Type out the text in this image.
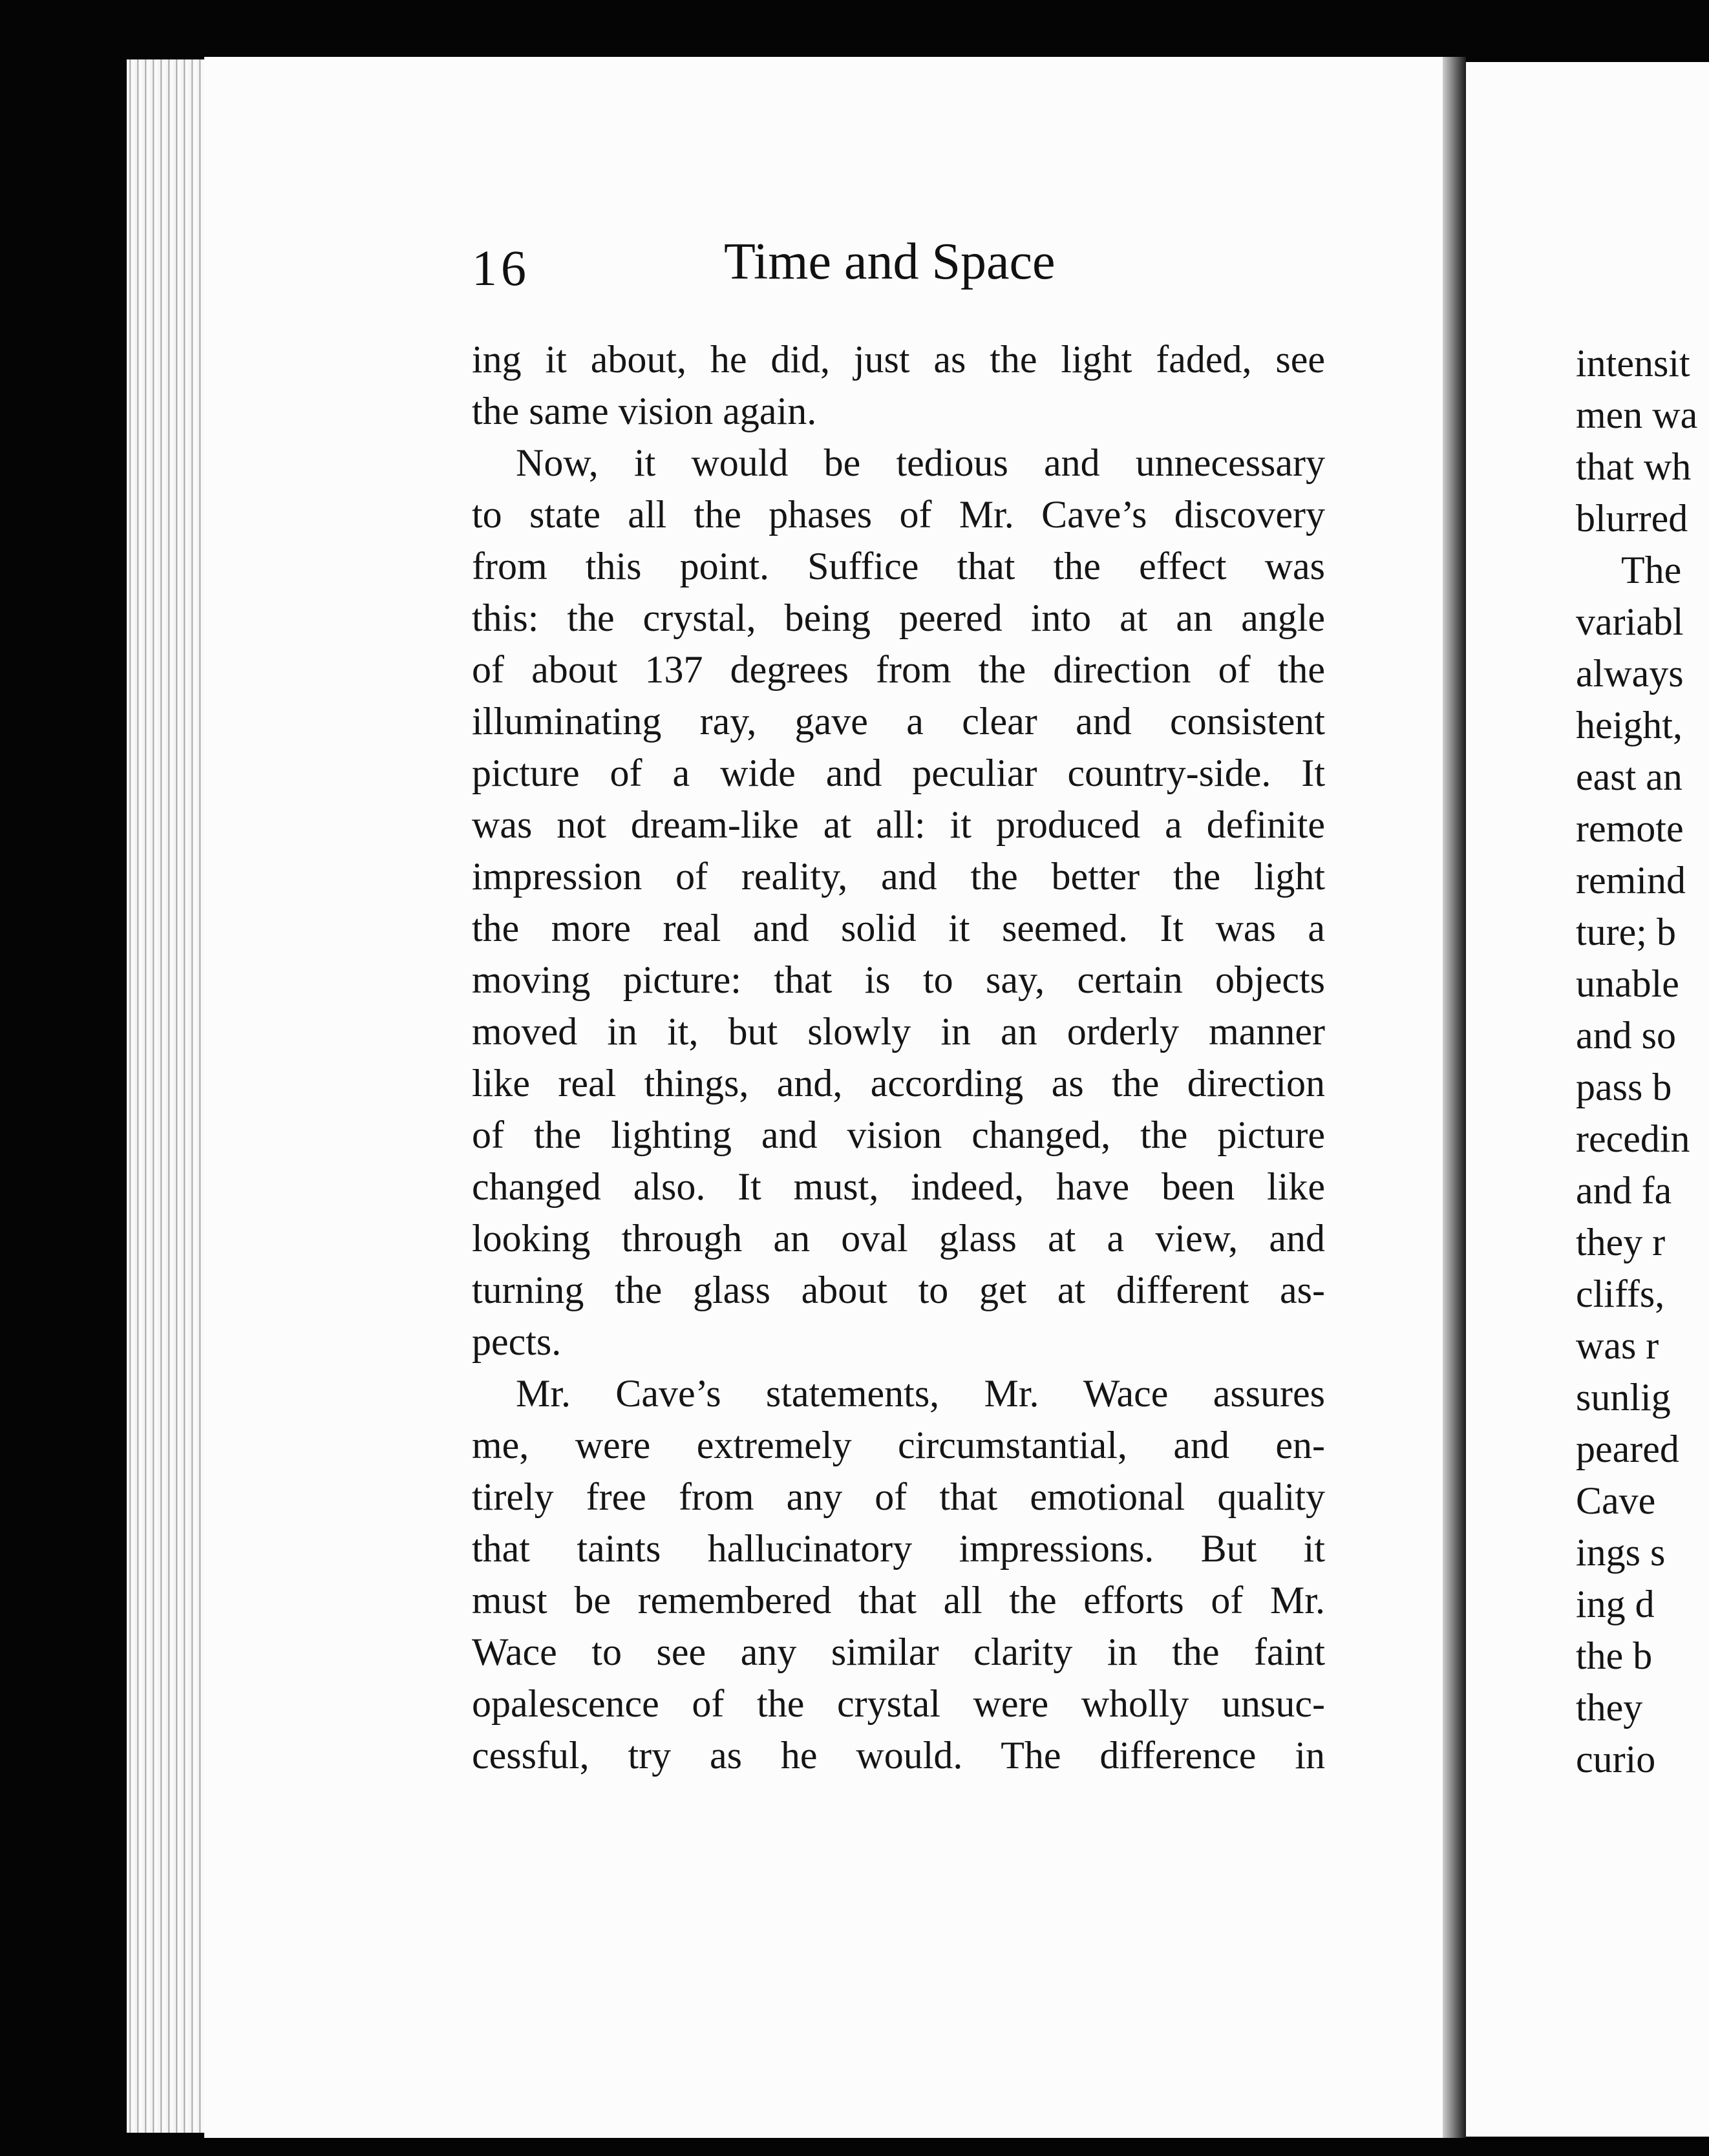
intensit
men wa
that wh
blurred
The
variabl
always
height,
east an
remote
remind
ture; b
unable
and so
pass b
recedin
and fa
they r
cliffs,
was r
sunlig
peared
Cave
ings s
ing d
the b
they
curio
16	Time and Space
ing it about, he did, just as the light faded, see
the same vision again.
Now, it would be tedious and unnecessary
to state all the phases of Mr. Cave’s discovery
from this point. Suffice that the effect was
this: the crystal, being peered into at an angle
of about 137 degrees from the direction of the
illuminating ray, gave a clear and consistent
picture of a wide and peculiar country-side. It
was not dream-like at all: it produced a definite
impression of reality, and the better the light
the more real and solid it seemed. It was a
moving picture: that is to say, certain objects
moved in it, but slowly in an orderly manner
like real things, and, according as the direction
of the lighting and vision changed, the picture
changed also. It must, indeed, have been like
looking through an oval glass at a view, and
turning the glass about to get at different as-
pects.
Mr. Cave’s statements, Mr. Wace assures
me, were extremely circumstantial, and en-
tirely free from any of that emotional quality
that taints hallucinatory impressions. But it
must be remembered that all the efforts of Mr.
Wace to see any similar clarity in the faint
opalescence of the crystal were wholly unsuc-
cessful, try as he would. The difference in
